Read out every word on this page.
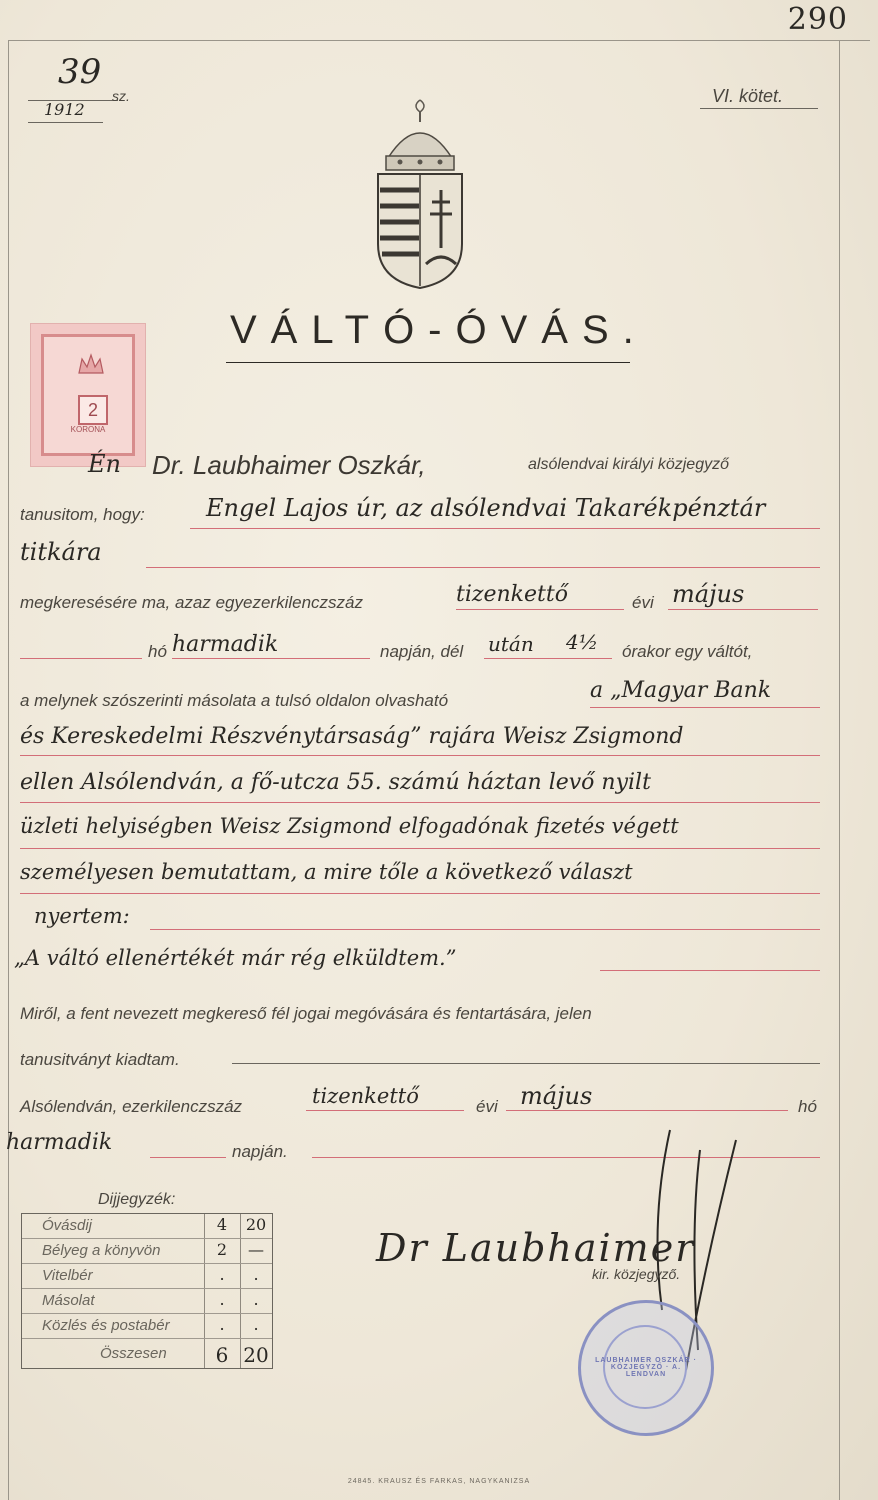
290
39
1912
sz.	VI. kötet.
VÁLTÓ-ÓVÁS.
2
KORONA
Én Dr. Laubhaimer Oszkár,	alsólendvai királyi közjegyző
tanusitom, hogy:	Engel Lajos úr, az alsólendvai Takarékpénztár
titkára
megkeresésére ma, azaz egyezerkilenczszáz	tizenkettő	évi május
hó harmadik	napján, dél után 4½ órakor egy váltót,
a melynek szószerinti másolata a tulsó oldalon olvasható	a „Magyar Bank
és Kereskedelmi Részvénytársaság” rajára Weisz Zsigmond
ellen Alsólendván, a fő-utcza 55. számú háztan levő nyilt
üzleti helyiségben Weisz Zsigmond elfogadónak fizetés végett
személyesen bemutattam, a mire tőle a következő választ
nyertem:
„A váltó ellenértékét már rég elküldtem.”
Miről, a fent nevezett megkereső fél jogai megóvására és fentartására, jelen
tanusitványt kiadtam.
Alsólendván, ezerkilenczszáz	tizenkettő	évi május	hó
harmadik	napján.
Dijjegyzék:
Óvásdij	4	20
Bélyeg a könyvön	2	—
Vitelbér	.	.
Másolat	.	.
Közlés és postabér	.	.
Összesen	6 20
Dr Laubhaimer
kir. közjegyző.
LAUBHAIMER OSZKÁR · KÖZJEGYZŐ · A. LENDVAN
24845. KRAUSZ ÉS FARKAS, NAGYKANIZSA
